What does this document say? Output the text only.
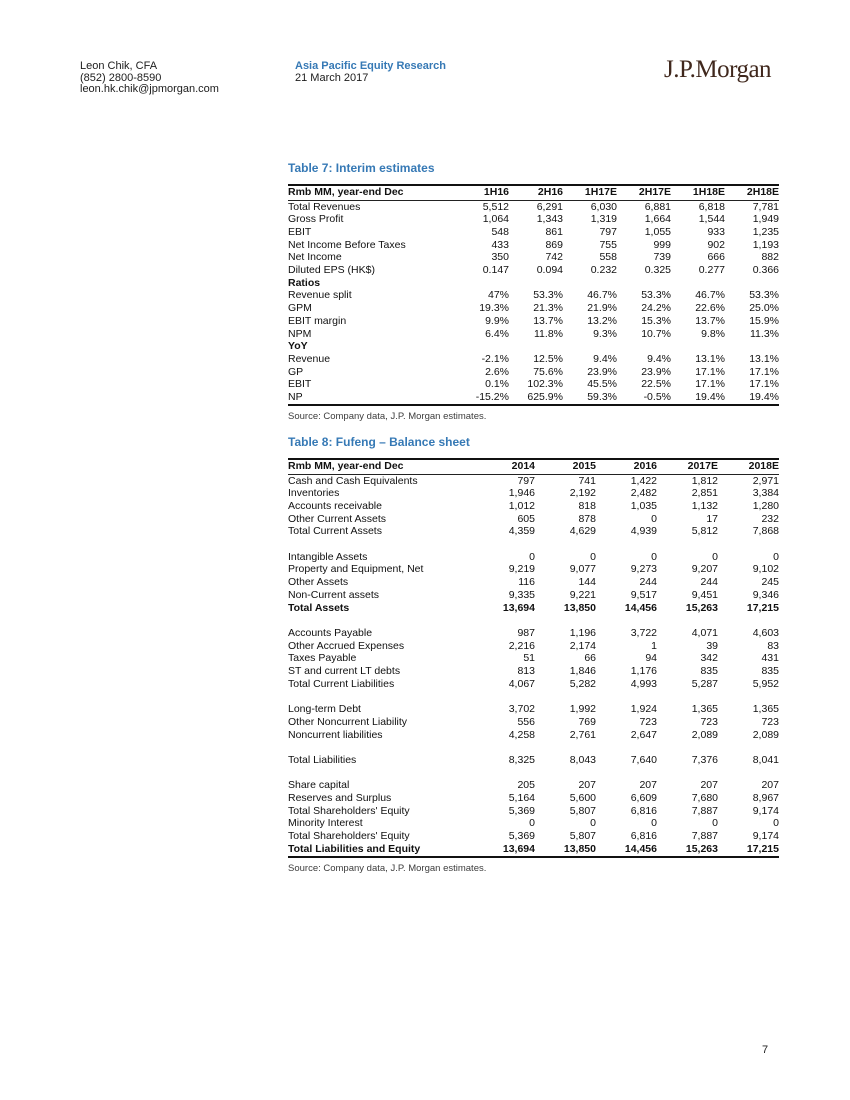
Leon Chik, CFA
(852) 2800-8590
leon.hk.chik@jpmorgan.com
Asia Pacific Equity Research
21 March 2017	J.P.Morgan
Table 7: Interim estimates
Rmb MM, year-end Dec	1H16	2H16	1H17E	2H17E	1H18E	2H18E
Total Revenues	5,512	6,291	6,030	6,881	6,818	7,781
Gross Profit	1,064	1,343	1,319	1,664	1,544	1,949
EBIT	548	861	797	1,055	933	1,235
Net Income Before Taxes	433	869	755	999	902	1,193
Net Income	350	742	558	739	666	882
Diluted EPS (HK$)	0.147	0.094	0.232	0.325	0.277	0.366
Ratios						
Revenue split	47%	53.3%	46.7%	53.3%	46.7%	53.3%
GPM	19.3%	21.3%	21.9%	24.2%	22.6%	25.0%
EBIT margin	9.9%	13.7%	13.2%	15.3%	13.7%	15.9%
NPM	6.4%	11.8%	9.3%	10.7%	9.8%	11.3%
YoY						
Revenue	-2.1%	12.5%	9.4%	9.4%	13.1%	13.1%
GP	2.6%	75.6%	23.9%	23.9%	17.1%	17.1%
EBIT	0.1%	102.3%	45.5%	22.5%	17.1%	17.1%
NP	-15.2%	625.9%	59.3%	-0.5%	19.4%	19.4%
Source: Company data, J.P. Morgan estimates.
Table 8: Fufeng – Balance sheet
Rmb MM, year-end Dec	2014	2015	2016	2017E	2018E
Cash and Cash Equivalents	797	741	1,422	1,812	2,971
Inventories	1,946	2,192	2,482	2,851	3,384
Accounts receivable	1,012	818	1,035	1,132	1,280
Other Current Assets	605	878	0	17	232
Total Current Assets	4,359	4,629	4,939	5,812	7,868

Intangible Assets	0	0	0	0	0
Property and Equipment, Net	9,219	9,077	9,273	9,207	9,102
Other Assets	116	144	244	244	245
Non-Current assets	9,335	9,221	9,517	9,451	9,346
Total Assets	13,694	13,850	14,456	15,263	17,215

Accounts Payable	987	1,196	3,722	4,071	4,603
Other Accrued Expenses	2,216	2,174	1	39	83
Taxes Payable	51	66	94	342	431
ST and current LT debts	813	1,846	1,176	835	835
Total Current Liabilities	4,067	5,282	4,993	5,287	5,952

Long-term Debt	3,702	1,992	1,924	1,365	1,365
Other Noncurrent Liability	556	769	723	723	723
Noncurrent liabilities	4,258	2,761	2,647	2,089	2,089

Total Liabilities	8,325	8,043	7,640	7,376	8,041

Share capital	205	207	207	207	207
Reserves and Surplus	5,164	5,600	6,609	7,680	8,967
Total Shareholders' Equity	5,369	5,807	6,816	7,887	9,174
Minority Interest	0	0	0	0	0
Total Shareholders' Equity	5,369	5,807	6,816	7,887	9,174
Total Liabilities and Equity	13,694	13,850	14,456	15,263	17,215
Source: Company data, J.P. Morgan estimates.
7
